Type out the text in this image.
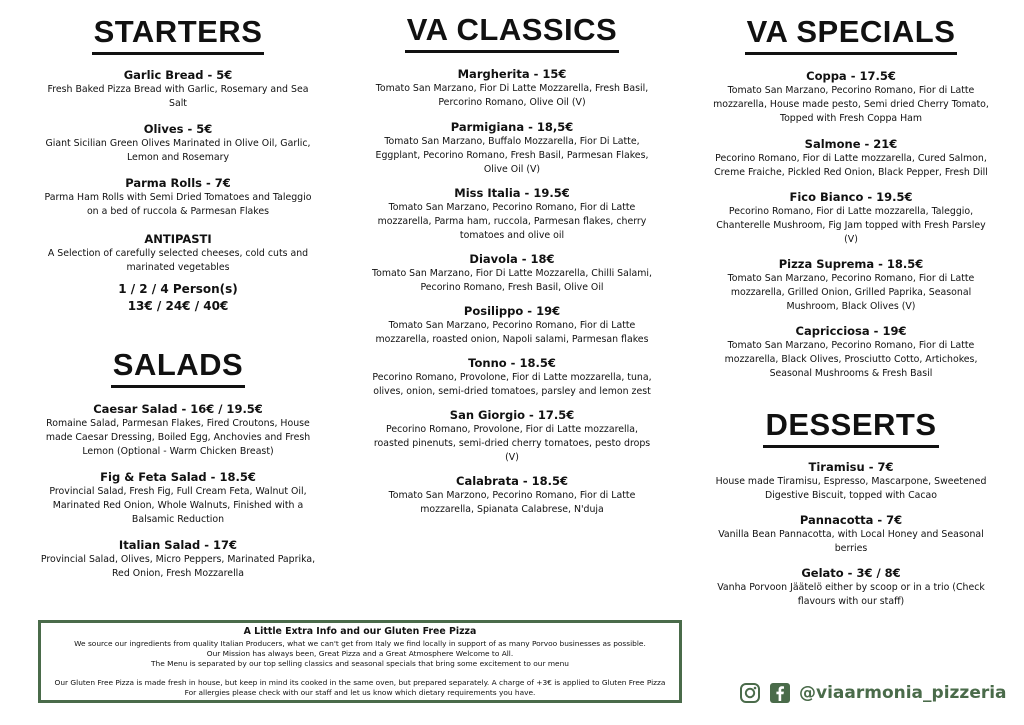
STARTERS
Garlic Bread - 5€
Fresh Baked Pizza Bread with Garlic, Rosemary and Sea Salt
Olives - 5€
Giant Sicilian Green Olives Marinated in Olive Oil, Garlic, Lemon and Rosemary
Parma Rolls - 7€
Parma Ham Rolls with Semi Dried Tomatoes and Taleggio on a bed of ruccola & Parmesan Flakes
ANTIPASTI
A Selection of carefully selected cheeses, cold cuts and marinated vegetables
1 / 2 / 4 Person(s)
13€ / 24€ / 40€
SALADS
Caesar Salad - 16€ / 19.5€
Romaine Salad, Parmesan Flakes, Fired Croutons, House made Caesar Dressing, Boiled Egg, Anchovies and Fresh Lemon (Optional - Warm Chicken Breast)
Fig & Feta Salad - 18.5€
Provincial Salad, Fresh Fig, Full Cream Feta, Walnut Oil, Marinated Red Onion, Whole Walnuts, Finished with a Balsamic Reduction
Italian Salad - 17€
Provincial Salad, Olives, Micro Peppers, Marinated Paprika, Red Onion, Fresh Mozzarella
VA CLASSICS
Margherita - 15€
Tomato San Marzano, Fior Di Latte Mozzarella, Fresh Basil, Percorino Romano, Olive Oil (V)
Parmigiana - 18,5€
Tomato San Marzano, Buffalo Mozzarella, Fior Di Latte, Eggplant, Pecorino Romano, Fresh Basil, Parmesan Flakes, Olive Oil (V)
Miss Italia - 19.5€
Tomato San Marzano, Pecorino Romano, Fior di Latte mozzarella, Parma ham, ruccola, Parmesan flakes, cherry tomatoes and olive oil
Diavola - 18€
Tomato San Marzano, Fior Di Latte Mozzarella, Chilli Salami, Pecorino Romano, Fresh Basil, Olive Oil
Posilippo - 19€
Tomato San Marzano, Pecorino Romano, Fior di Latte mozzarella, roasted onion, Napoli salami, Parmesan flakes
Tonno - 18.5€
Pecorino Romano, Provolone, Fior di Latte mozzarella, tuna, olives, onion, semi-dried tomatoes, parsley and lemon zest
San Giorgio - 17.5€
Pecorino Romano, Provolone, Fior di Latte mozzarella, roasted pinenuts, semi-dried cherry tomatoes, pesto drops (V)
Calabrata - 18.5€
Tomato San Marzono, Pecorino Romano, Fior di Latte mozzarella, Spianata Calabrese, N'duja
VA SPECIALS
Coppa - 17.5€
Tomato San Marzano, Pecorino Romano, Fior di Latte mozzarella, House made pesto, Semi dried Cherry Tomato, Topped with Fresh Coppa Ham
Salmone - 21€
Pecorino Romano, Fior di Latte mozzarella, Cured Salmon, Creme Fraiche, Pickled Red Onion, Black Pepper, Fresh Dill
Fico Bianco - 19.5€
Pecorino Romano, Fior di Latte mozzarella, Taleggio, Chanterelle Mushroom, Fig Jam topped with Fresh Parsley (V)
Pizza Suprema - 18.5€
Tomato San Marzano, Pecorino Romano, Fior di Latte mozzarella, Grilled Onion, Grilled Paprika, Seasonal Mushroom, Black Olives (V)
Capricciosa - 19€
Tomato San Marzano, Pecorino Romano, Fior di Latte mozzarella, Black Olives, Prosciutto Cotto, Artichokes, Seasonal Mushrooms & Fresh Basil
DESSERTS
Tiramisu - 7€
House made Tiramisu, Espresso, Mascarpone, Sweetened Digestive Biscuit, topped with Cacao
Pannacotta - 7€
Vanilla Bean Pannacotta, with Local Honey and Seasonal berries
Gelato - 3€ / 8€
Vanha Porvoon Jäätelö either by scoop or in a trio (Check flavours with our staff)
A Little Extra Info and our Gluten Free Pizza
We source our ingredients from quality Italian Producers, what we can't get from Italy we find locally in support of as many Porvoo businesses as possible.
Our Mission has always been, Great Pizza and a Great Atmosphere Welcome to All.
The Menu is separated by our top selling classics and seasonal specials that bring some excitement to our menu
Our Gluten Free Pizza is made fresh in house, but keep in mind its cooked in the same oven, but prepared separately. A charge of +3€ is applied to Gluten Free Pizza
For allergies please check with our staff and let us know which dietary requirements you have.	@viaarmonia_pizzeria
